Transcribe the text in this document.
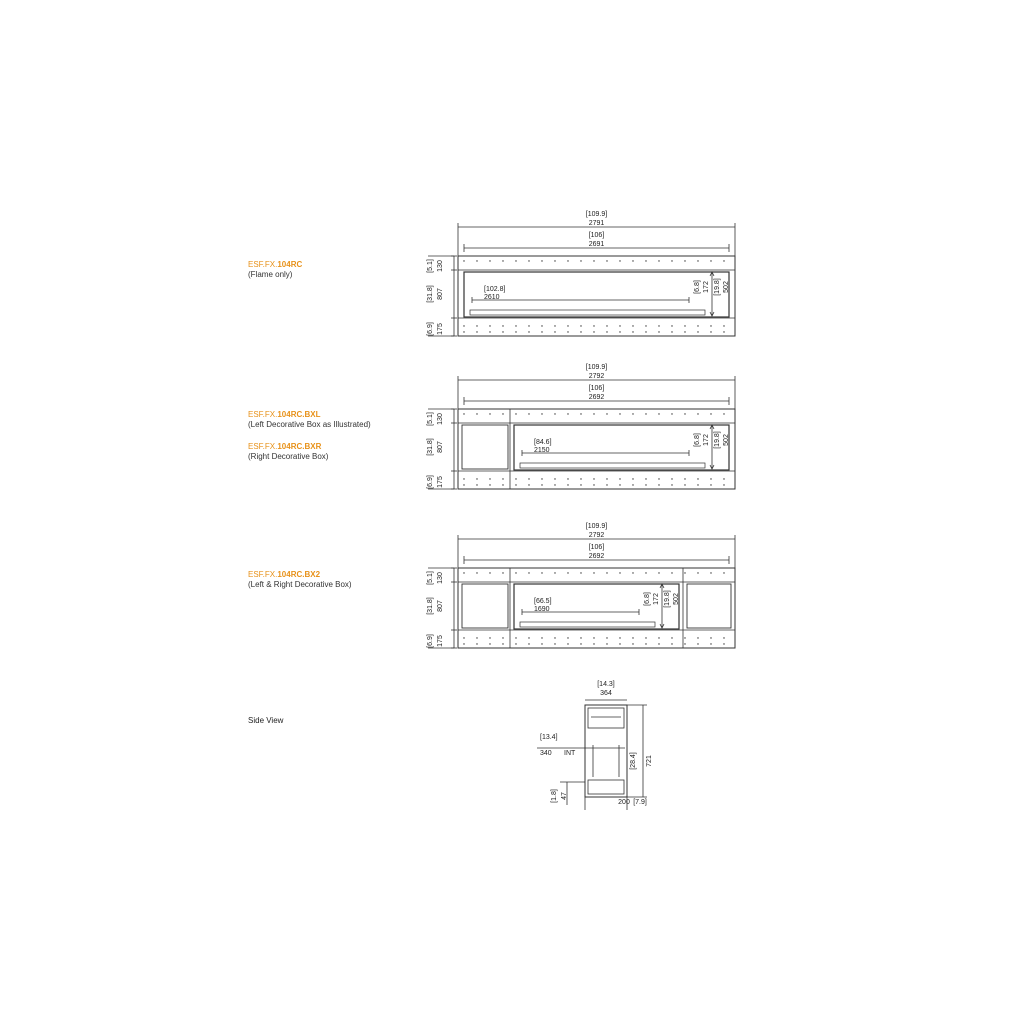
ESF.FX.104RC
(Flame only)
ESF.FX.104RC.BXL
(Left Decorative Box as Illustrated)
ESF.FX.104RC.BXR
(Right Decorative Box)
ESF.FX.104RC.BX2
(Left & Right Decorative Box)
Side View
[109.9]
2791
[106]
2691
[102.8]
2610
[6.8] 172 [19.8] 502
[5.1] 130
[31.8] 807
[6.9] 175
[109.9]
2792
[106]
2692
[84.6]
2150
[6.8] 172 [19.8] 502
[5.1] 130
[31.8] 807
[6.9] 175
[109.9]
2792
[106]
2692
[66.5]
1690
[6.8] 172 [19.8] 502
[5.1] 130
[31.8] 807
[6.9] 175
[14.3]
364
[13.4]
340 INT	[28.4] 721
[1.8] 47
200 [7.9]
